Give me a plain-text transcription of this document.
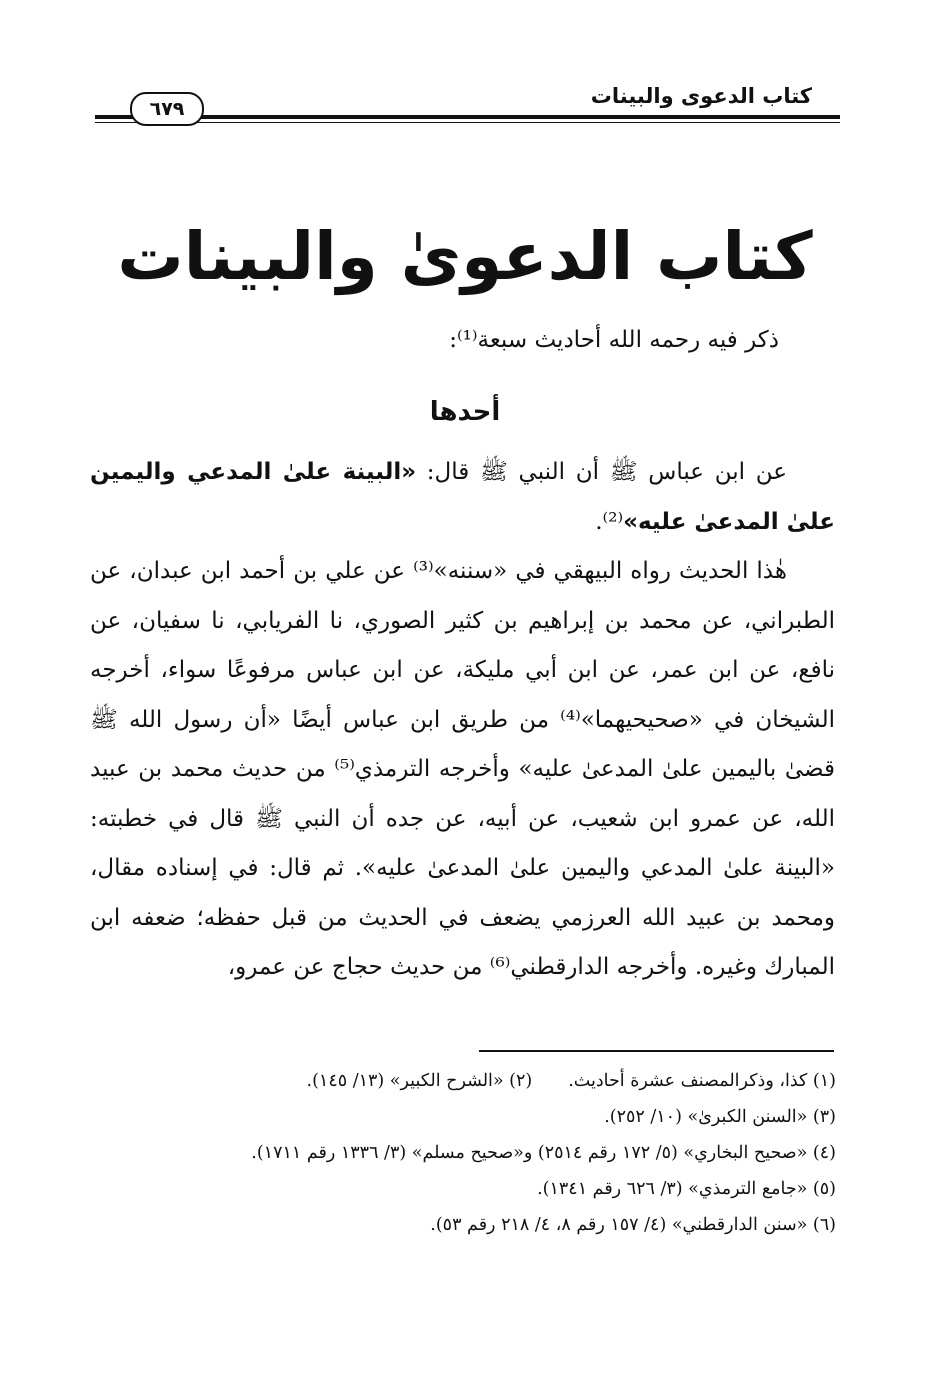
كتاب الدعوى والبينات
٦٧٩
كتاب الدعوىٰ والبينات
ذكر فيه رحمه الله أحاديث سبعة⁽¹⁾:
أحدها

عن ابن عباس ﷺ أن النبي ﷺ قال: «البينة علىٰ المدعي واليمين علىٰ المدعىٰ عليه»⁽²⁾.

هٰذا الحديث رواه البيهقي في «سننه»⁽³⁾ عن علي بن أحمد ابن عبدان، عن الطبراني، عن محمد بن إبراهيم بن كثير الصوري، نا الفريابي، نا سفيان، عن نافع، عن ابن عمر، عن ابن أبي مليكة، عن ابن عباس مرفوعًا سواء، أخرجه الشيخان في «صحيحيهما»⁽⁴⁾ من طريق ابن عباس أيضًا «أن رسول الله ﷺ قضىٰ باليمين علىٰ المدعىٰ عليه» وأخرجه الترمذي⁽⁵⁾ من حديث محمد بن عبيد الله، عن عمرو ابن شعيب، عن أبيه، عن جده أن النبي ﷺ قال في خطبته: «البينة علىٰ المدعي واليمين علىٰ المدعىٰ عليه». ثم قال: في إسناده مقال، ومحمد بن عبيد الله العرزمي يضعف في الحديث من قبل حفظه؛ ضعفه ابن المبارك وغيره. وأخرجه الدارقطني⁽⁶⁾ من حديث حجاج عن عمرو،

(١) كذا، وذكرالمصنف عشرة أحاديث.(٢) «الشرح الكبير» (١٣/ ١٤٥).
(٣) «السنن الكبرىٰ» (١٠/ ٢٥٢).
(٤) «صحيح البخاري» (٥/ ١٧٢ رقم ٢٥١٤) و«صحيح مسلم» (٣/ ١٣٣٦ رقم ١٧١١).
(٥) «جامع الترمذي» (٣/ ٦٢٦ رقم ١٣٤١).
(٦) «سنن الدارقطني» (٤/ ١٥٧ رقم ٨، ٤/ ٢١٨ رقم ٥٣).
